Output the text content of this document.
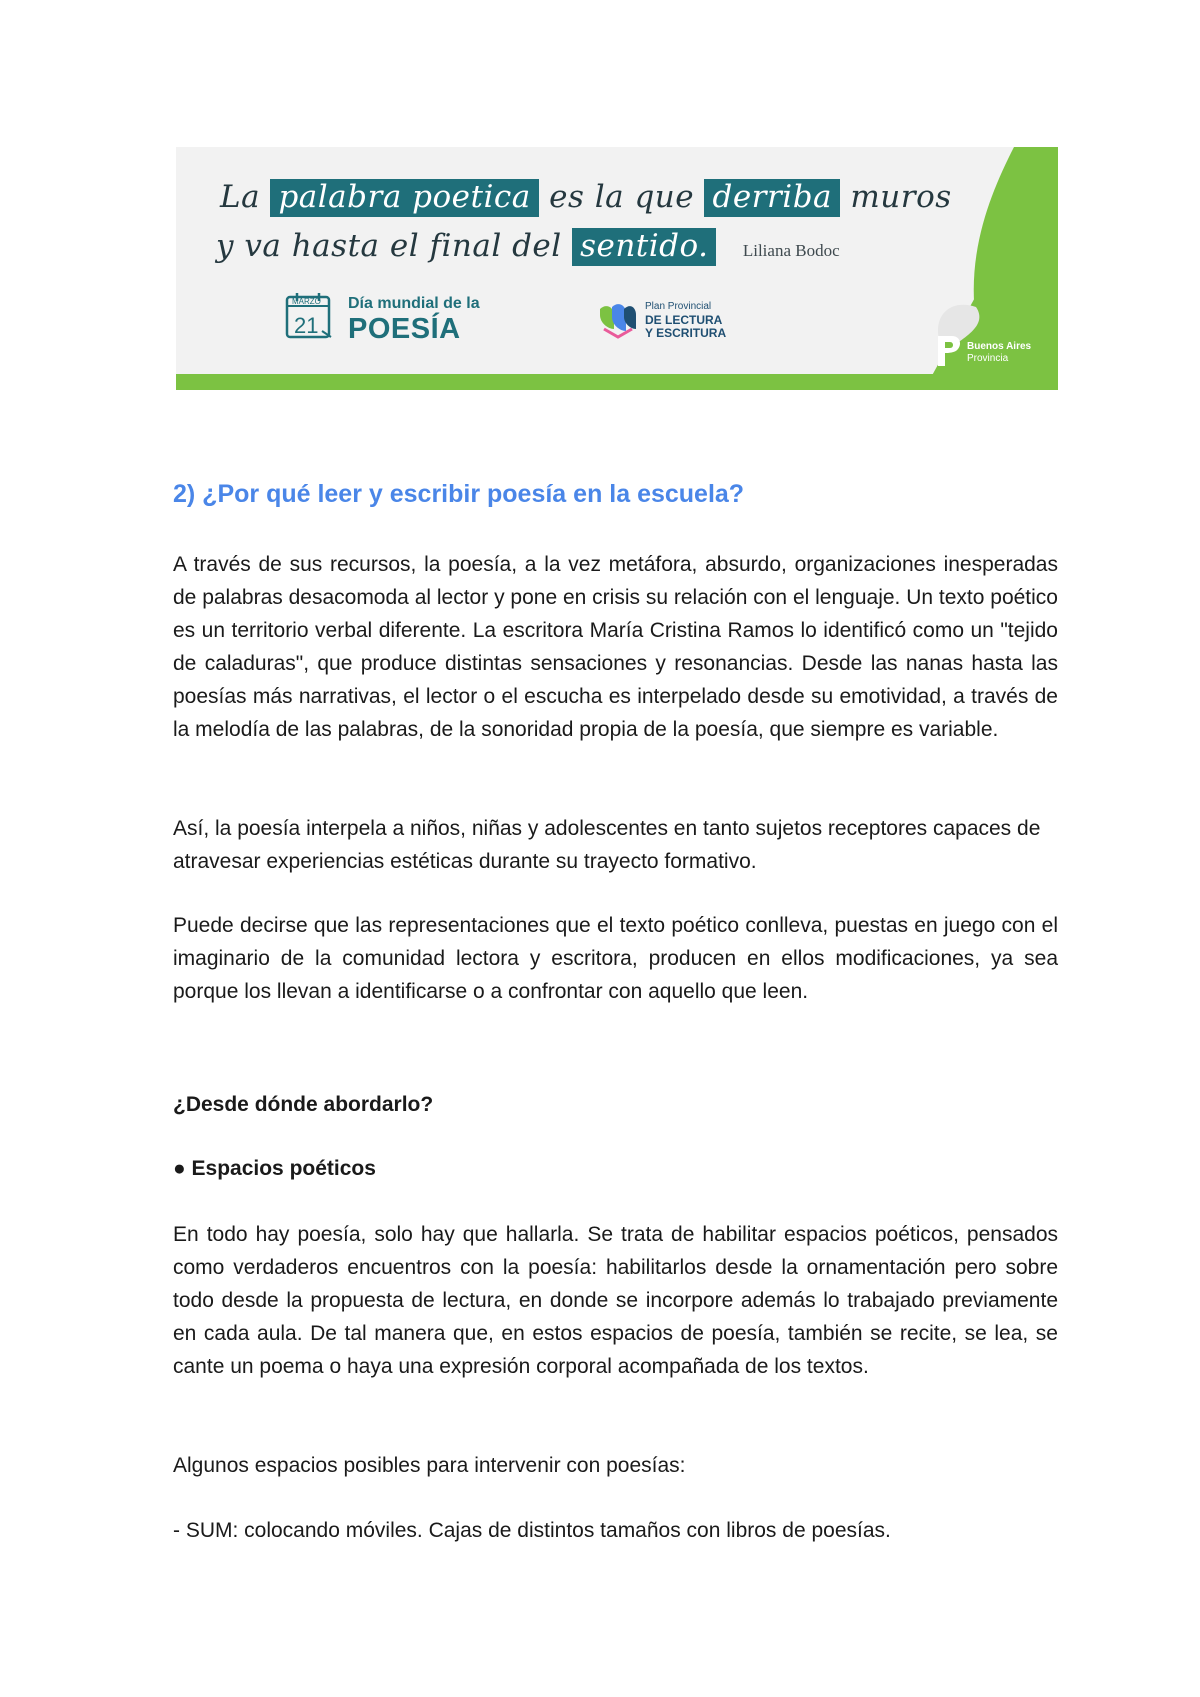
La palabra poetica es la que derriba muros
y va hasta el final del sentido. Liliana Bodoc
MARZO
21
Día mundial de la
POESÍA
Plan Provincial
DE LECTURA
Y ESCRITURA
Buenos Aires
Provincia
2) ¿Por qué leer y escribir poesía en la escuela?

A través de sus recursos, la poesía, a la vez metáfora, absurdo, organizaciones inesperadas de palabras desacomoda al lector y pone en crisis su relación con el lenguaje. Un texto poético es un territorio verbal diferente. La escritora María Cristina Ramos lo identificó como un "tejido de caladuras", que produce distintas sensaciones y resonancias. Desde las nanas hasta las poesías más narrativas, el lector o el escucha es interpelado desde su emotividad, a través de la melodía de las palabras, de la sonoridad propia de la poesía, que siempre es variable.

Así, la poesía interpela a niños, niñas y adolescentes en tanto sujetos receptores capaces de atravesar experiencias estéticas durante su trayecto formativo.

Puede decirse que las representaciones que el texto poético conlleva, puestas en juego con el imaginario de la comunidad lectora y escritora, producen en ellos modificaciones, ya sea porque los llevan a identificarse o a confrontar con aquello que leen.

¿Desde dónde abordarlo?
● Espacios poéticos

En todo hay poesía, solo hay que hallarla. Se trata de habilitar espacios poéticos, pensados como verdaderos encuentros con la poesía: habilitarlos desde la ornamentación pero sobre todo desde la propuesta de lectura, en donde se incorpore además lo trabajado previamente en cada aula. De tal manera que, en estos espacios de poesía, también se recite, se lea, se cante un poema o haya una expresión corporal acompañada de los textos.

Algunos espacios posibles para intervenir con poesías:

- SUM: colocando móviles. Cajas de distintos tamaños con libros de poesías.
